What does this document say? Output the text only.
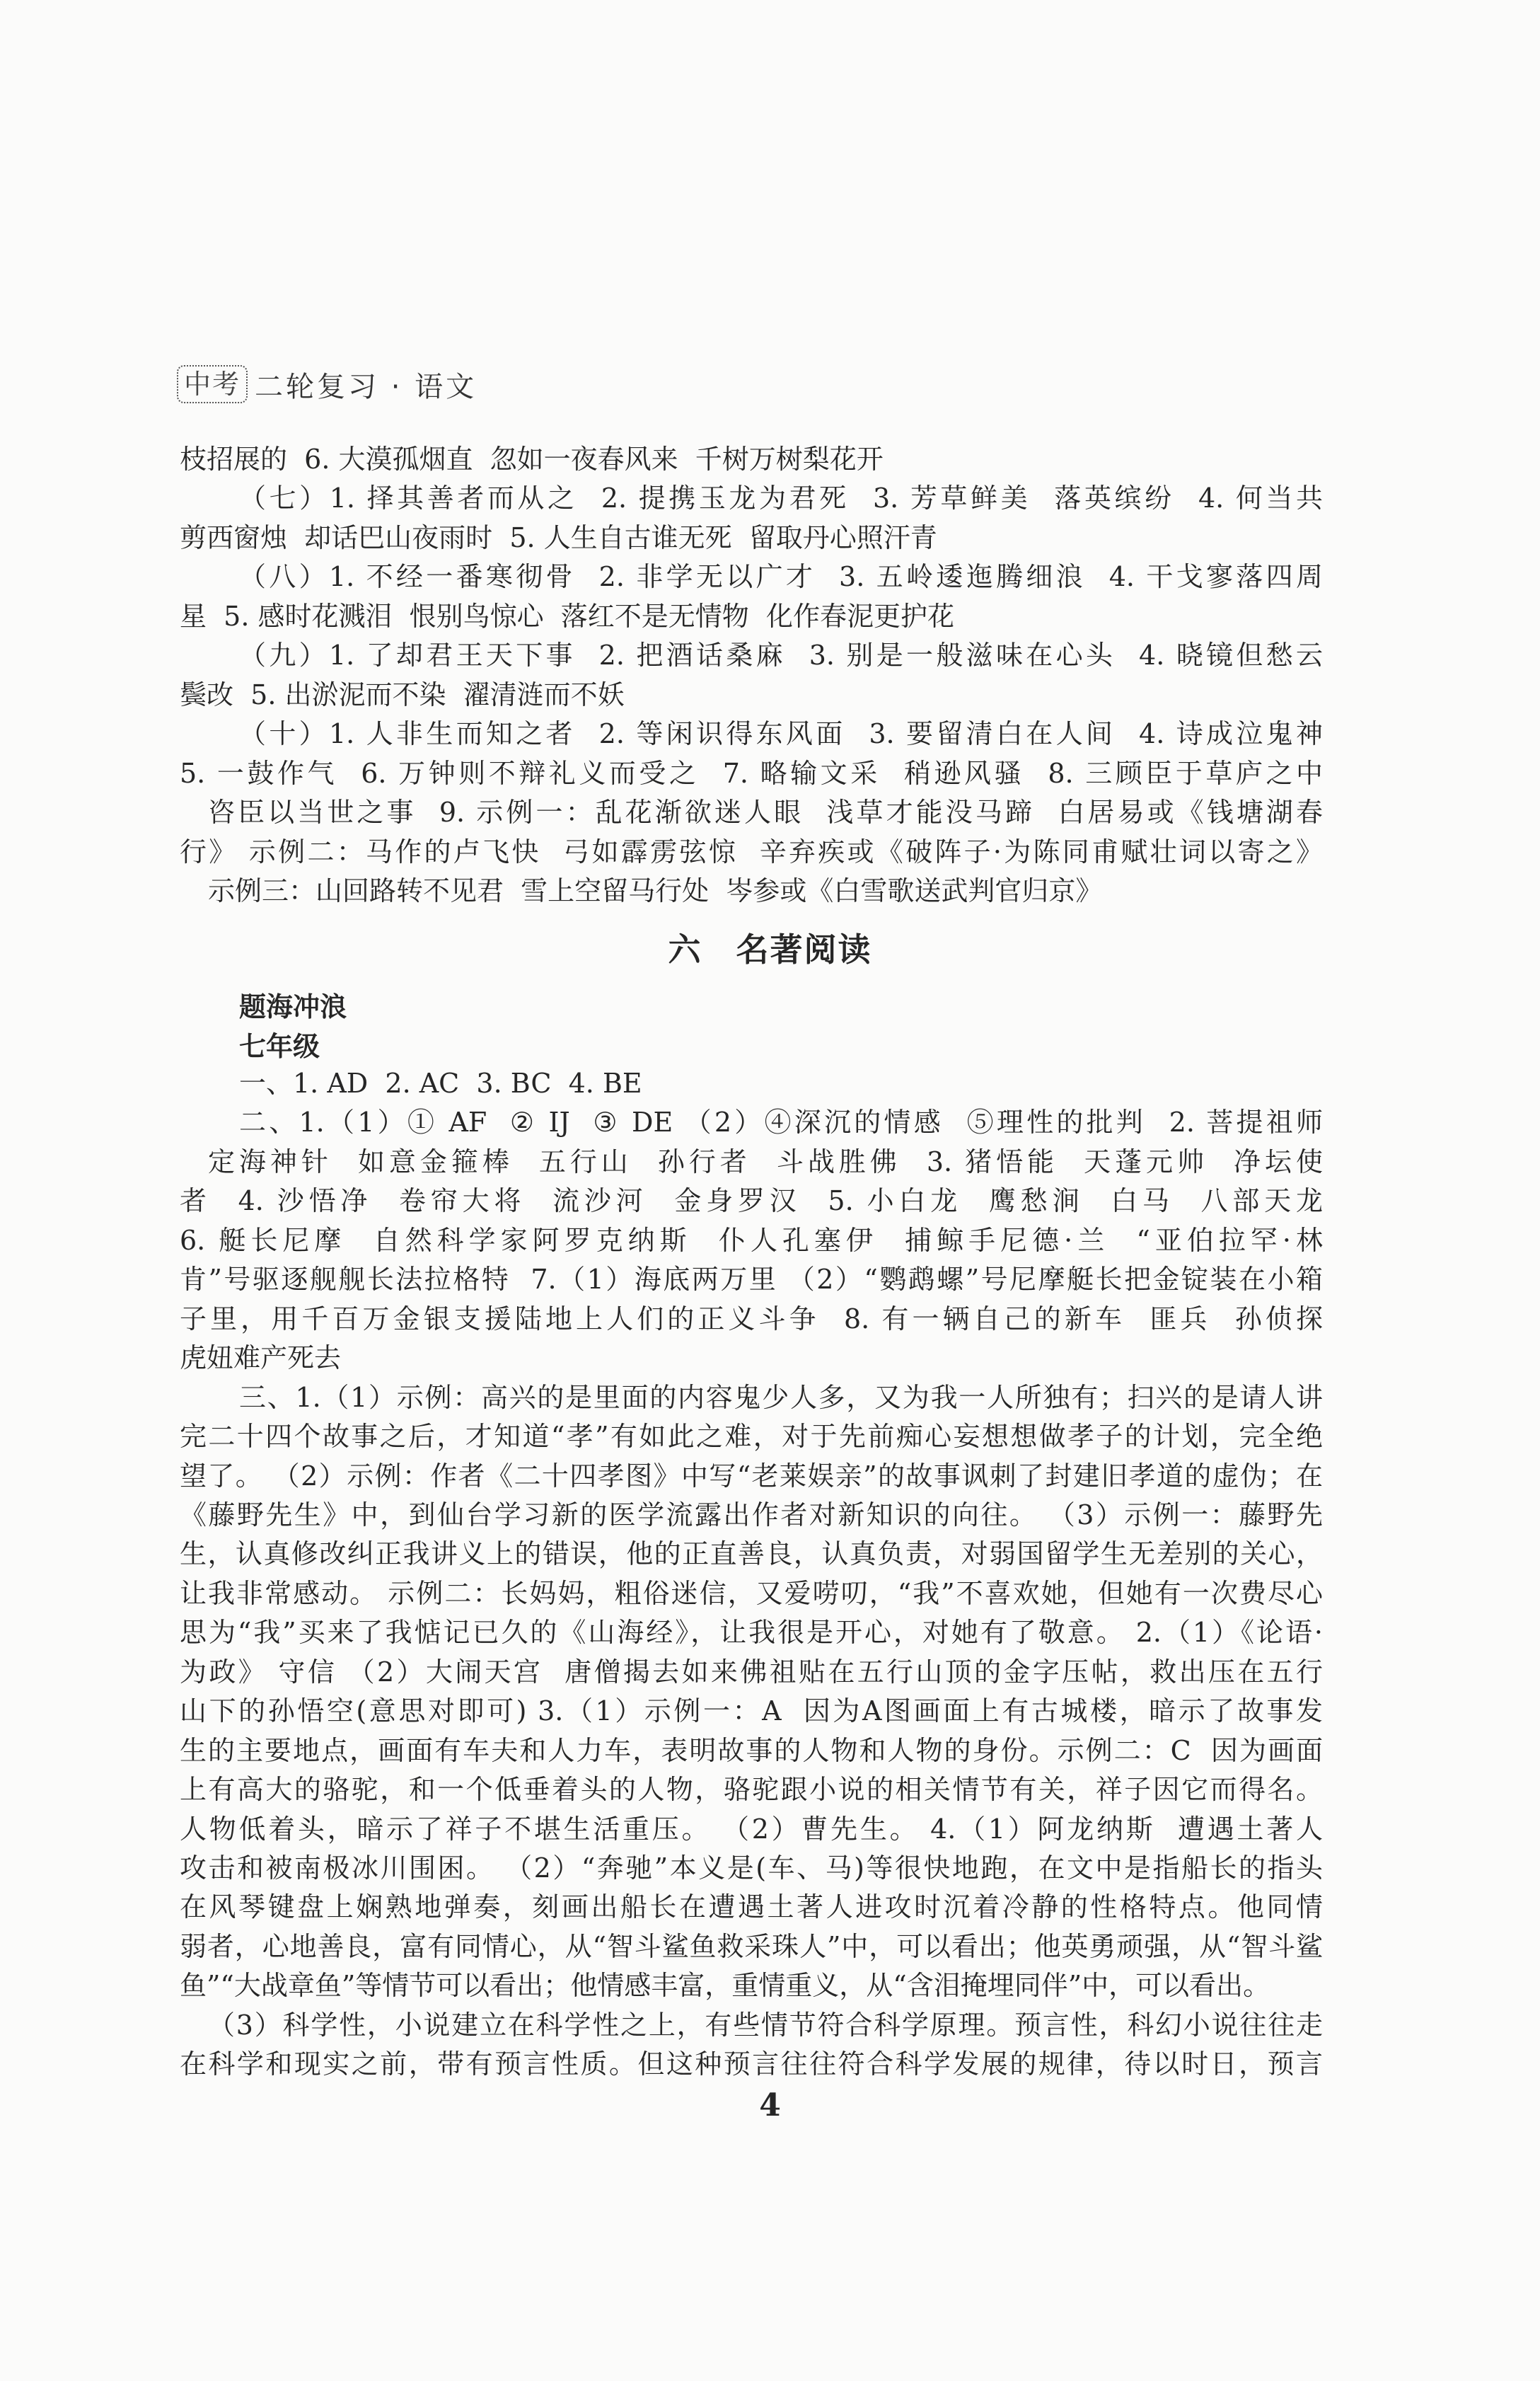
中考 二轮复习 · 语文
枝招展的  6. 大漠孤烟直  忽如一夜春风来  千树万树梨花开
（七）1. 择其善者而从之  2. 提携玉龙为君死  3. 芳草鲜美  落英缤纷  4. 何当共
剪西窗烛  却话巴山夜雨时  5. 人生自古谁无死  留取丹心照汗青
（八）1. 不经一番寒彻骨  2. 非学无以广才  3. 五岭逶迤腾细浪  4. 干戈寥落四周
星  5. 感时花溅泪  恨别鸟惊心  落红不是无情物  化作春泥更护花
（九）1. 了却君王天下事  2. 把酒话桑麻  3. 别是一般滋味在心头  4. 晓镜但愁云
鬓改  5. 出淤泥而不染  濯清涟而不妖
（十）1. 人非生而知之者  2. 等闲识得东风面  3. 要留清白在人间  4. 诗成泣鬼神
5. 一鼓作气  6. 万钟则不辩礼义而受之  7. 略输文采  稍逊风骚  8. 三顾臣于草庐之中
咨臣以当世之事  9. 示例一：乱花渐欲迷人眼  浅草才能没马蹄  白居易或《钱塘湖春
行》 示例二：马作的卢飞快  弓如霹雳弦惊  辛弃疾或《破阵子·为陈同甫赋壮词以寄之》
示例三：山回路转不见君  雪上空留马行处  岑参或《白雪歌送武判官归京》
六　名著阅读
题海冲浪
七年级
一、1. AD  2. AC  3. BC  4. BE
二、1.（1）① AF  ② IJ  ③ DE （2）④深沉的情感  ⑤理性的批判  2. 菩提祖师
定海神针  如意金箍棒  五行山  孙行者  斗战胜佛  3. 猪悟能  天蓬元帅  净坛使
者  4. 沙悟净  卷帘大将  流沙河  金身罗汉  5. 小白龙  鹰愁涧  白马  八部天龙
6. 艇长尼摩  自然科学家阿罗克纳斯  仆人孔塞伊  捕鲸手尼德·兰  “亚伯拉罕·林
肯”号驱逐舰舰长法拉格特  7.（1）海底两万里 （2）“鹦鹉螺”号尼摩艇长把金锭装在小箱
子里，用千百万金银支援陆地上人们的正义斗争  8. 有一辆自己的新车  匪兵  孙侦探
虎妞难产死去
三、1.（1）示例：高兴的是里面的内容鬼少人多，又为我一人所独有；扫兴的是请人讲
完二十四个故事之后，才知道“孝”有如此之难，对于先前痴心妄想想做孝子的计划，完全绝
望了。 （2）示例：作者《二十四孝图》中写“老莱娱亲”的故事讽刺了封建旧孝道的虚伪；在
《藤野先生》中，到仙台学习新的医学流露出作者对新知识的向往。 （3）示例一：藤野先
生，认真修改纠正我讲义上的错误，他的正直善良，认真负责，对弱国留学生无差别的关心，
让我非常感动。 示例二：长妈妈，粗俗迷信，又爱唠叨，“我”不喜欢她，但她有一次费尽心
思为“我”买来了我惦记已久的《山海经》，让我很是开心，对她有了敬意。 2.（1）《论语·
为政》 守信 （2）大闹天宫  唐僧揭去如来佛祖贴在五行山顶的金字压帖，救出压在五行
山下的孙悟空(意思对即可) 3.（1）示例一：A  因为A图画面上有古城楼，暗示了故事发
生的主要地点，画面有车夫和人力车，表明故事的人物和人物的身份。示例二：C  因为画面
上有高大的骆驼，和一个低垂着头的人物，骆驼跟小说的相关情节有关，祥子因它而得名。
人物低着头，暗示了祥子不堪生活重压。 （2）曹先生。 4.（1）阿龙纳斯  遭遇土著人
攻击和被南极冰川围困。 （2）“奔驰”本义是(车、马)等很快地跑，在文中是指船长的指头
在风琴键盘上娴熟地弹奏，刻画出船长在遭遇土著人进攻时沉着冷静的性格特点。他同情
弱者，心地善良，富有同情心，从“智斗鲨鱼救采珠人”中，可以看出；他英勇顽强，从“智斗鲨
鱼”“大战章鱼”等情节可以看出；他情感丰富，重情重义，从“含泪掩埋同伴”中，可以看出。
（3）科学性，小说建立在科学性之上，有些情节符合科学原理。预言性，科幻小说往往走
在科学和现实之前，带有预言性质。但这种预言往往符合科学发展的规律，待以时日，预言
4
